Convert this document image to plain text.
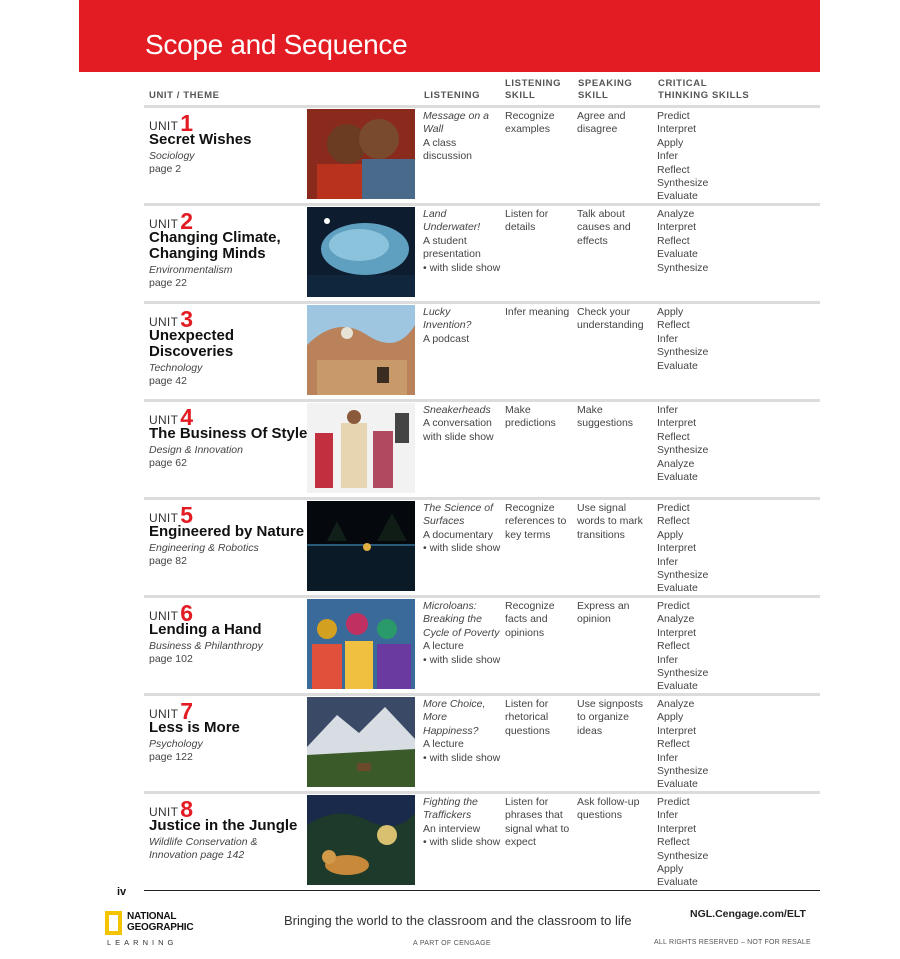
Scope and Sequence
UNIT / THEME	LISTENING
LISTENING SKILL
SPEAKING SKILL
CRITICAL THINKING SKILLS
UNIT1
Secret Wishes
Sociology
page 2
Message on a Wall
A class discussion
Recognize examples
Agree and disagree
Predict
Interpret
Apply
Infer
Reflect
Synthesize
Evaluate
UNIT2
Changing Climate, Changing Minds
Environmentalism
page 22
Land Underwater!
A student presentation
• with slide show
Listen for details
Talk about causes and effects
Analyze
Interpret
Reflect
Evaluate
Synthesize
UNIT3
Unexpected Discoveries
Technology
page 42
Lucky Invention?
A podcast
Infer meaning Check your understanding
Apply
Reflect
Infer
Synthesize
Evaluate
UNIT4
The Business Of Style
Design & Innovation
page 62
Sneakerheads
A conversation with slide show
Make predictions
Make suggestions
Infer
Interpret
Reflect
Synthesize
Analyze
Evaluate
UNIT5
Engineered by Nature
Engineering & Robotics
page 82
The Science of Surfaces
A documentary
• with slide show
Recognize references to key terms
Use signal words to mark transitions
Predict
Reflect
Apply
Interpret
Infer
Synthesize
Evaluate
UNIT6
Lending a Hand
Business & Philanthropy
page 102
Microloans: Breaking the Cycle of Poverty
A lecture
• with slide show
Recognize facts and opinions
Express an opinion
Predict
Analyze
Interpret
Reflect
Infer
Synthesize
Evaluate
UNIT7
Less is More
Psychology
page 122
More Choice, More Happiness?
A lecture
• with slide show
Listen for rhetorical questions
Use signposts to organize ideas
Analyze
Apply
Interpret
Reflect
Infer
Synthesize
Evaluate
UNIT8
Justice in the Jungle
Wildlife Conservation &
Innovation page 142
Fighting the Traffickers
An interview
• with slide show
Listen for phrases that signal what to expect
Ask follow-up questions
Predict
Infer
Interpret
Reflect
Synthesize
Apply
Evaluate
iv
NATIONAL
GEOGRAPHIC
LEARNING
Bringing the world to the classroom and the classroom to life
A PART OF CENGAGE
NGL.Cengage.com/ELT
ALL RIGHTS RESERVED – NOT FOR RESALE
